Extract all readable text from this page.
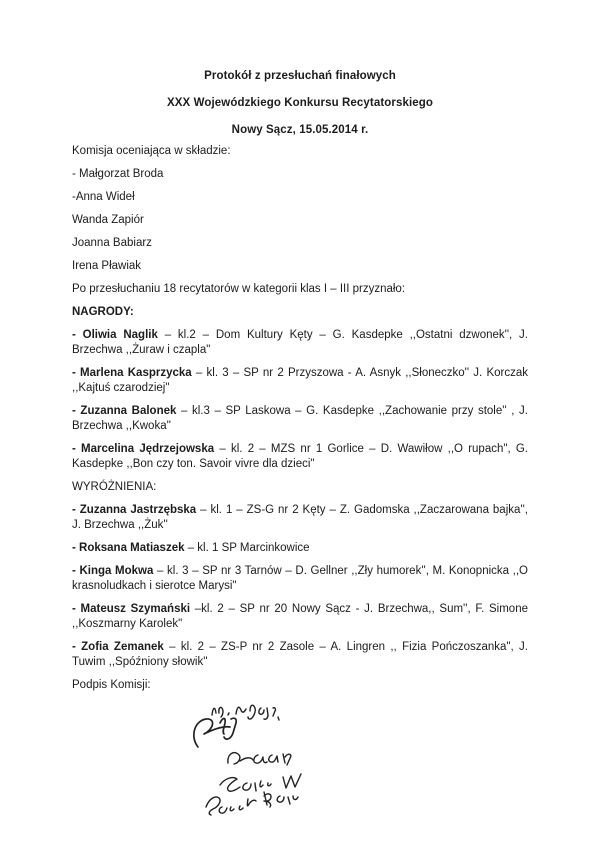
Protokół z przesłuchań finałowych

XXX Wojewódzkiego Konkursu Recytatorskiego

Nowy Sącz, 15.05.2014 r.

Komisja oceniająca w składzie:

- Małgorzat Broda

-Anna Wideł

Wanda Zapiór

Joanna Babiarz

Irena Pławiak

Po przesłuchaniu 18 recytatorów w kategorii klas I – III przyznało:

NAGRODY:

- Oliwia Naglik – kl.2 – Dom Kultury Kęty – G. Kasdepke ,,Ostatni dzwonek'', J. Brzechwa ,,Żuraw i czapla"

- Marlena Kasprzycka – kl. 3 – SP nr 2 Przyszowa - A. Asnyk ,,Słoneczko'' J. Korczak ,,Kajtuś czarodziej"

- Zuzanna Balonek – kl.3 – SP Laskowa – G. Kasdepke ,,Zachowanie przy stole'' , J. Brzechwa ,,Kwoka''

- Marcelina Jędrzejowska – kl. 2 – MZS nr 1 Gorlice – D. Wawiłow ,,O rupach", G. Kasdepke ,,Bon czy ton. Savoir vivre dla dzieci"

WYRÓŻNIENIA:

- Zuzanna Jastrzębska – kl. 1 – ZS-G nr 2 Kęty – Z. Gadomska ,,Zaczarowana bajka'', J. Brzechwa ,,Żuk''

- Roksana Matiaszek – kl. 1 SP Marcinkowice

- Kinga Mokwa – kl. 3 – SP nr 3 Tarnów – D. Gellner ,,Zły humorek'', M. Konopnicka ,,O krasnoludkach i sierotce Marysi"

- Mateusz Szymański –kl. 2 – SP nr 20 Nowy Sącz - J. Brzechwa,, Sum'', F. Simone ,,Koszmarny Karolek"

- Zofia Zemanek – kl. 2 – ZS-P nr 2 Zasole – A. Lingren ,, Fizia Pończoszanka", J. Tuwim ,,Spóźniony słowik''

Podpis Komisji:
